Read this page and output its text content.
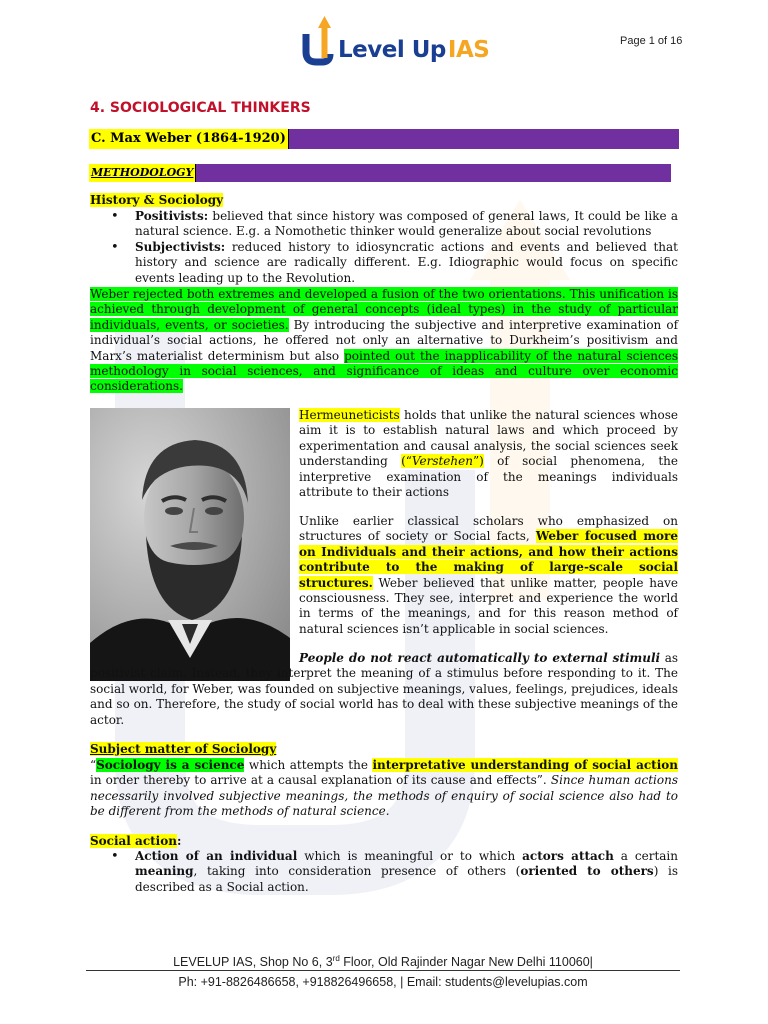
Level UpIAS	Page 1 of 16
4. SOCIOLOGICAL THINKERS
C. Max Weber (1864-1920)
METHODOLOGY
History & Sociology
• Positivists: believed that since history was composed of general laws, It could be like a natural science. E.g. a Nomothetic thinker would generalize about social revolutions
• Subjectivists: reduced history to idiosyncratic actions and events and believed that history and science are radically different. E.g. Idiographic would focus on specific events leading up to the Revolution.

Weber rejected both extremes and developed a fusion of the two orientations. This unification is achieved through development of general concepts (ideal types) in the study of particular individuals, events, or societies. By introducing the subjective and interpretive examination of individual’s social actions, he offered not only an alternative to Durkheim’s positivism and Marx’s materialist determinism but also pointed out the inapplicability of the natural sciences methodology in social sciences, and significance of ideas and culture over economic considerations.

Hermeuneticists holds that unlike the natural sciences whose aim it is to establish natural laws and which proceed by experimentation and causal analysis, the social sciences seek understanding (“Verstehen”) of social phenomena, the interpretive examination of the meanings individuals attribute to their actions

Unlike earlier classical scholars who emphasized on structures of society or Social facts, Weber focused more on Individuals and their actions, and how their actions contribute to the making of large-scale social structures. Weber believed that unlike matter, people have consciousness. They see, interpret and experience the world in terms of the meanings, and for this reason method of natural sciences isn’t applicable in social sciences.

People do not react automatically to external stimuli as positivist claim. Instead, they interpret the meaning of a stimulus before responding to it. The social world, for Weber, was founded on subjective meanings, values, feelings, prejudices, ideals and so on. Therefore, the study of social world has to deal with these subjective meanings of the actor.

Subject matter of Sociology

“Sociology is a science which attempts the interpretative understanding of social action in order thereby to arrive at a causal explanation of its cause and effects”. Since human actions necessarily involved subjective meanings, the methods of enquiry of social science also had to be different from the methods of natural science.

Social action:
• Action of an individual which is meaningful or to which actors attach a certain meaning, taking into consideration presence of others (oriented to others) is described as a Social action.
LEVELUP IAS, Shop No 6, 3rd Floor, Old Rajinder Nagar New Delhi 110060|
Ph: +91-8826486658, +918826496658, | Email: students@levelupias.com
